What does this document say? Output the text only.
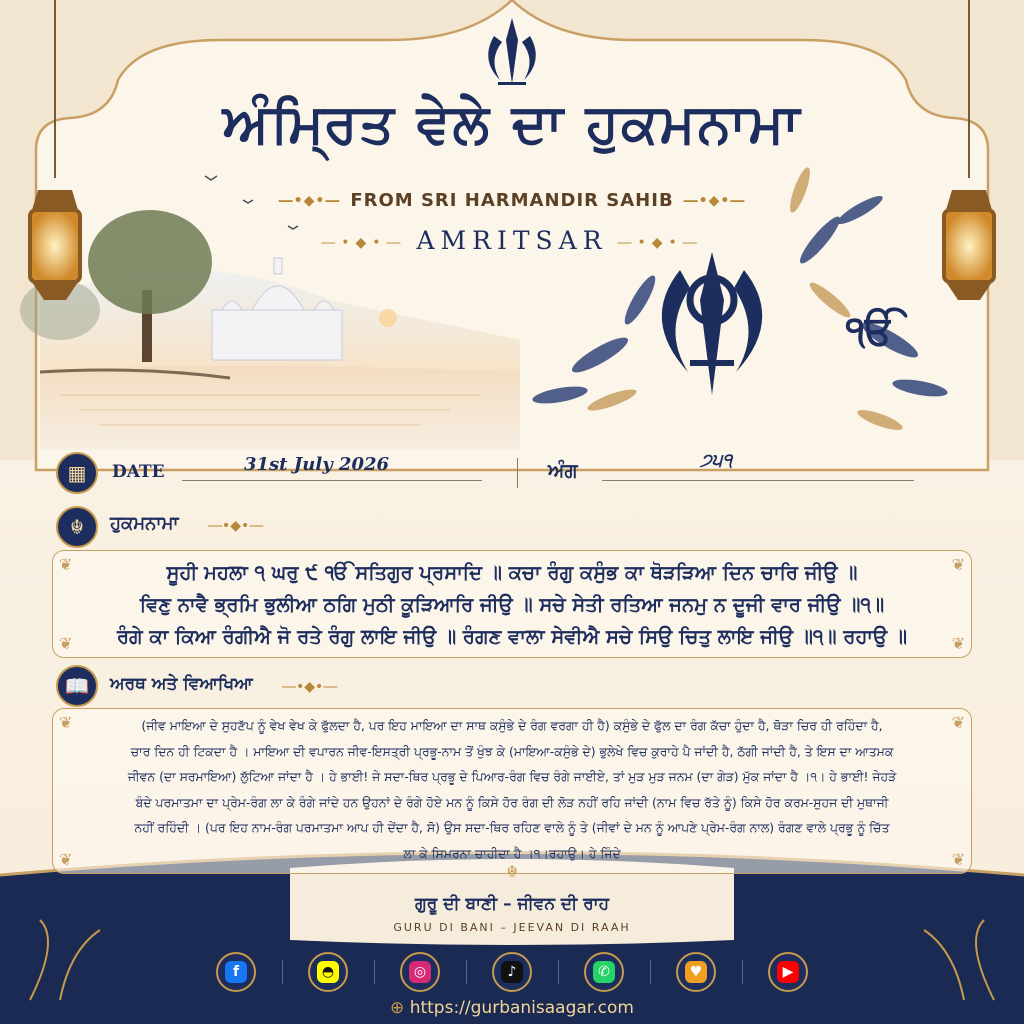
ਅੰਮ੍ਰਿਤ ਵੇਲੇ ਦਾ ਹੁਕਮਨਾਮਾ
―•◆•― FROM SRI HARMANDIR SAHIB ―•◆•―
―•◆•― AMRITSAR ―•◆•―
ੴ
▦	DATE	31st July 2026	ਅੰਗ	੭੫੧
☬	ਹੁਕਮਨਾਮਾ ―•◆•―
❦	❦
❦	❦

ਸੂਹੀ ਮਹਲਾ ੧ ਘਰੁ ੯ ੴ ਸਤਿਗੁਰ ਪ੍ਰਸਾਦਿ ॥ ਕਚਾ ਰੰਗੁ ਕਸੁੰਭ ਕਾ ਥੋੜੜਿਆ ਦਿਨ ਚਾਰਿ ਜੀਉ ॥

ਵਿਣੁ ਨਾਵੈ ਭ੍ਰਮਿ ਭੁਲੀਆ ਠਗਿ ਮੁਠੀ ਕੂੜਿਆਰਿ ਜੀਉ ॥ ਸਚੇ ਸੇਤੀ ਰਤਿਆ ਜਨਮੁ ਨ ਦੂਜੀ ਵਾਰ ਜੀਉ ॥੧॥

ਰੰਗੇ ਕਾ ਕਿਆ ਰੰਗੀਐ ਜੋ ਰਤੇ ਰੰਗੁ ਲਾਇ ਜੀਉ ॥ ਰੰਗਣ ਵਾਲਾ ਸੇਵੀਐ ਸਚੇ ਸਿਉ ਚਿਤੁ ਲਾਇ ਜੀਉ ॥੧॥ ਰਹਾਉ ॥

📖	ਅਰਥ ਅਤੇ ਵਿਆਖਿਆ ―•◆•―
❦	❦
❦	❦

(ਜੀਵ ਮਾਇਆ ਦੇ ਸੁਹਣੱਪ ਨੂੰ ਵੇਖ ਵੇਖ ਕੇ ਫੁੱਲਦਾ ਹੈ, ਪਰ ਇਹ ਮਾਇਆ ਦਾ ਸਾਥ ਕਸੁੰਭੇ ਦੇ ਰੰਗ ਵਰਗਾ ਹੀ ਹੈ) ਕਸੁੰਭੇ ਦੇ ਫੁੱਲ ਦਾ ਰੰਗ ਕੱਚਾ ਹੁੰਦਾ ਹੈ, ਥੋੜਾ ਚਿਰ ਹੀ ਰਹਿੰਦਾ ਹੈ,

ਚਾਰ ਦਿਨ ਹੀ ਟਿਕਦਾ ਹੈ । ਮਾਇਆ ਦੀ ਵਪਾਰਨ ਜੀਵ-ਇਸਤ੍ਰੀ ਪ੍ਰਭੂ-ਨਾਮ ਤੋਂ ਖੁੰਝ ਕੇ (ਮਾਇਆ-ਕਸੁੰਭੇ ਦੇ) ਭੁਲੇਖੇ ਵਿਚ ਕੁਰਾਹੇ ਪੈ ਜਾਂਦੀ ਹੈ, ਠੱਗੀ ਜਾਂਦੀ ਹੈ, ਤੇ ਇਸ ਦਾ ਆਤਮਕ

ਜੀਵਨ (ਦਾ ਸਰਮਾਇਆ) ਲੁੱਟਿਆ ਜਾਂਦਾ ਹੈ । ਹੇ ਭਾਈ! ਜੇ ਸਦਾ-ਥਿਰ ਪ੍ਰਭੂ ਦੇ ਪਿਆਰ-ਰੰਗ ਵਿਚ ਰੰਗੇ ਜਾਈਏ, ਤਾਂ ਮੁੜ ਮੁੜ ਜਨਮ (ਦਾ ਗੇੜ) ਮੁੱਕ ਜਾਂਦਾ ਹੈ ।੧। ਹੇ ਭਾਈ! ਜੇਹੜੇ

ਬੰਦੇ ਪਰਮਾਤਮਾ ਦਾ ਪ੍ਰੇਮ-ਰੰਗ ਲਾ ਕੇ ਰੰਗੇ ਜਾਂਦੇ ਹਨ ਉਹਨਾਂ ਦੇ ਰੰਗੇ ਹੋਏ ਮਨ ਨੂੰ ਕਿਸੇ ਹੋਰ ਰੰਗ ਦੀ ਲੋੜ ਨਹੀਂ ਰਹਿ ਜਾਂਦੀ (ਨਾਮ ਵਿਚ ਰੱਤੇ ਨੂੰ) ਕਿਸੇ ਹੋਰ ਕਰਮ-ਸੁਹਜ ਦੀ ਮੁਥਾਜੀ

ਨਹੀਂ ਰਹਿੰਦੀ । (ਪਰ ਇਹ ਨਾਮ-ਰੰਗ ਪਰਮਾਤਮਾ ਆਪ ਹੀ ਦੇਂਦਾ ਹੈ, ਸੋ) ਉਸ ਸਦਾ-ਥਿਰ ਰਹਿਣ ਵਾਲੇ ਨੂੰ ਤੇ (ਜੀਵਾਂ ਦੇ ਮਨ ਨੂੰ ਆਪਣੇ ਪ੍ਰੇਮ-ਰੰਗ ਨਾਲ) ਰੰਗਣ ਵਾਲੇ ਪ੍ਰਭੂ ਨੂੰ ਚਿੱਤ

ਲਾ ਕੇ ਸਿਮਰਨਾ ਚਾਹੀਦਾ ਹੈ ।੧।ਰਹਾਉ। ਹੇ ਜਿੰਦੇ

☬
ਗੁਰੂ ਦੀ ਬਾਣੀ – ਜੀਵਨ ਦੀ ਰਾਹ
GURU DI BANI – JEEVAN DI RAAH
f	◓	◎	♪	✆	♥	▶
⊕ https://gurbanisaagar.com
